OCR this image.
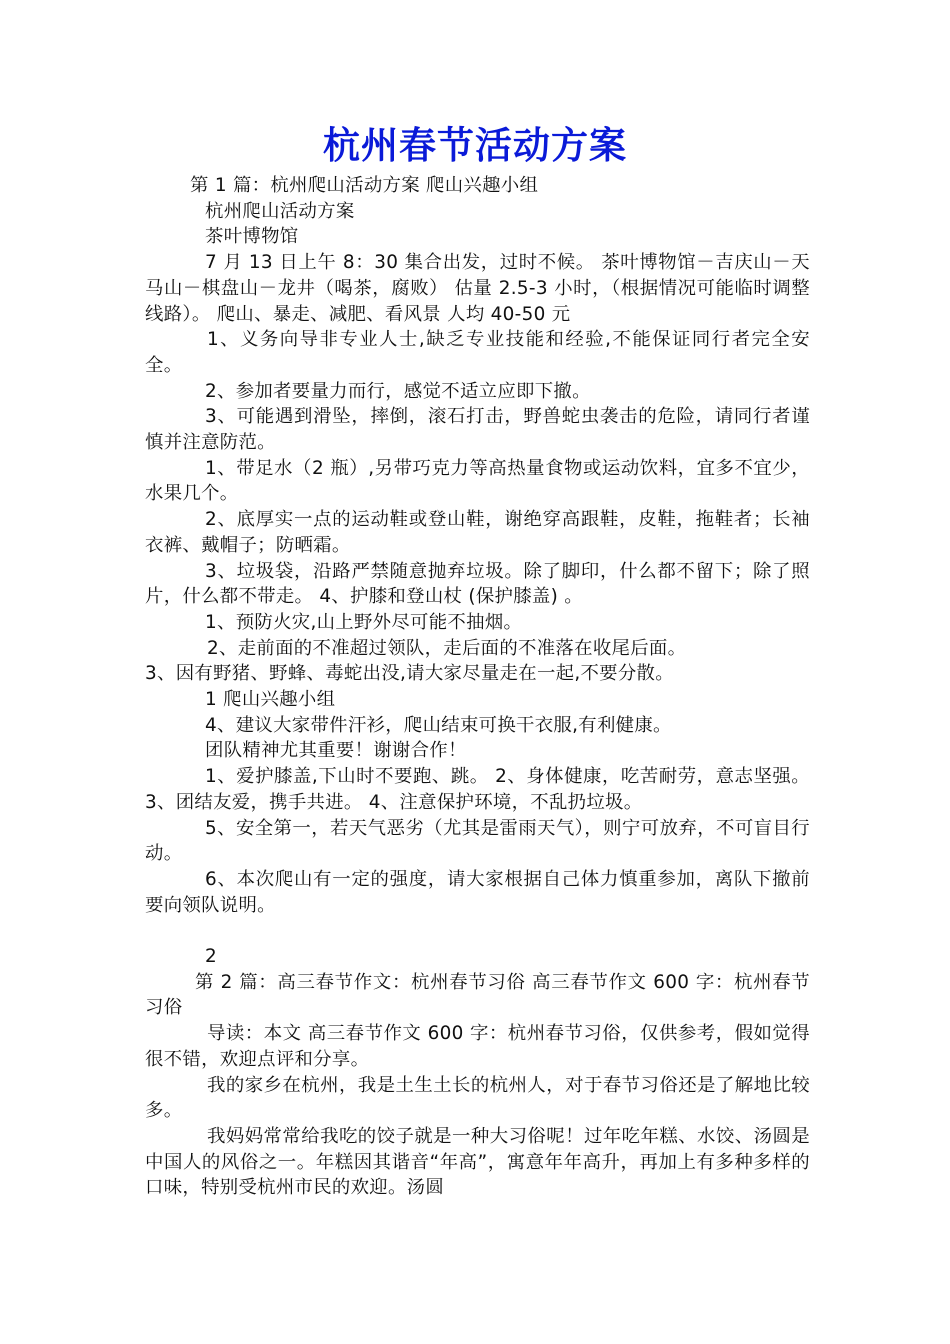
杭州春节活动方案

第 1 篇：杭州爬山活动方案 爬山兴趣小组

杭州爬山活动方案

茶叶博物馆

7 月 13 日上午 8：30 集合出发，过时不候。 茶叶博物馆－吉庆山－天马山－棋盘山－龙井（喝茶，腐败） 估量 2.5-3 小时，（根据情况可能临时调整线路）。 爬山、暴走、减肥、看风景 人均 40-50 元

1、义务向导非专业人士,缺乏专业技能和经验,不能保证同行者完全安全。

2、参加者要量力而行，感觉不适立应即下撤。

3、可能遇到滑坠，摔倒，滚石打击，野兽蛇虫袭击的危险，请同行者谨慎并注意防范。

1、带足水（2 瓶）,另带巧克力等高热量食物或运动饮料，宜多不宜少，水果几个。

2、底厚实一点的运动鞋或登山鞋，谢绝穿高跟鞋，皮鞋，拖鞋者；长袖衣裤、戴帽子；防晒霜。

3、垃圾袋，沿路严禁随意抛弃垃圾。除了脚印，什么都不留下；除了照片，什么都不带走。 4、护膝和登山杖 (保护膝盖) 。

1、预防火灾,山上野外尽可能不抽烟。

2、走前面的不准超过领队，走后面的不准落在收尾后面。

3、因有野猪、野蜂、毒蛇出没,请大家尽量走在一起,不要分散。

1 爬山兴趣小组

4、建议大家带件汗衫，爬山结束可换干衣服,有利健康。

团队精神尤其重要！谢谢合作！

1、爱护膝盖,下山时不要跑、跳。 2、身体健康，吃苦耐劳，意志坚强。 3、团结友爱，携手共进。 4、注意保护环境，不乱扔垃圾。

5、安全第一，若天气恶劣（尤其是雷雨天气），则宁可放弃，不可盲目行动。

6、本次爬山有一定的强度，请大家根据自己体力慎重参加，离队下撤前要向领队说明。

2

第 2 篇：高三春节作文：杭州春节习俗 高三春节作文 600 字：杭州春节习俗

导读：本文 高三春节作文 600 字：杭州春节习俗，仅供参考，假如觉得很不错，欢迎点评和分享。

我的家乡在杭州，我是土生土长的杭州人，对于春节习俗还是了解地比较多。

我妈妈常常给我吃的饺子就是一种大习俗呢！过年吃年糕、水饺、汤圆是中国人的风俗之一。年糕因其谐音“年高”，寓意年年高升，再加上有多种多样的口味，特别受杭州市民的欢迎。汤圆
